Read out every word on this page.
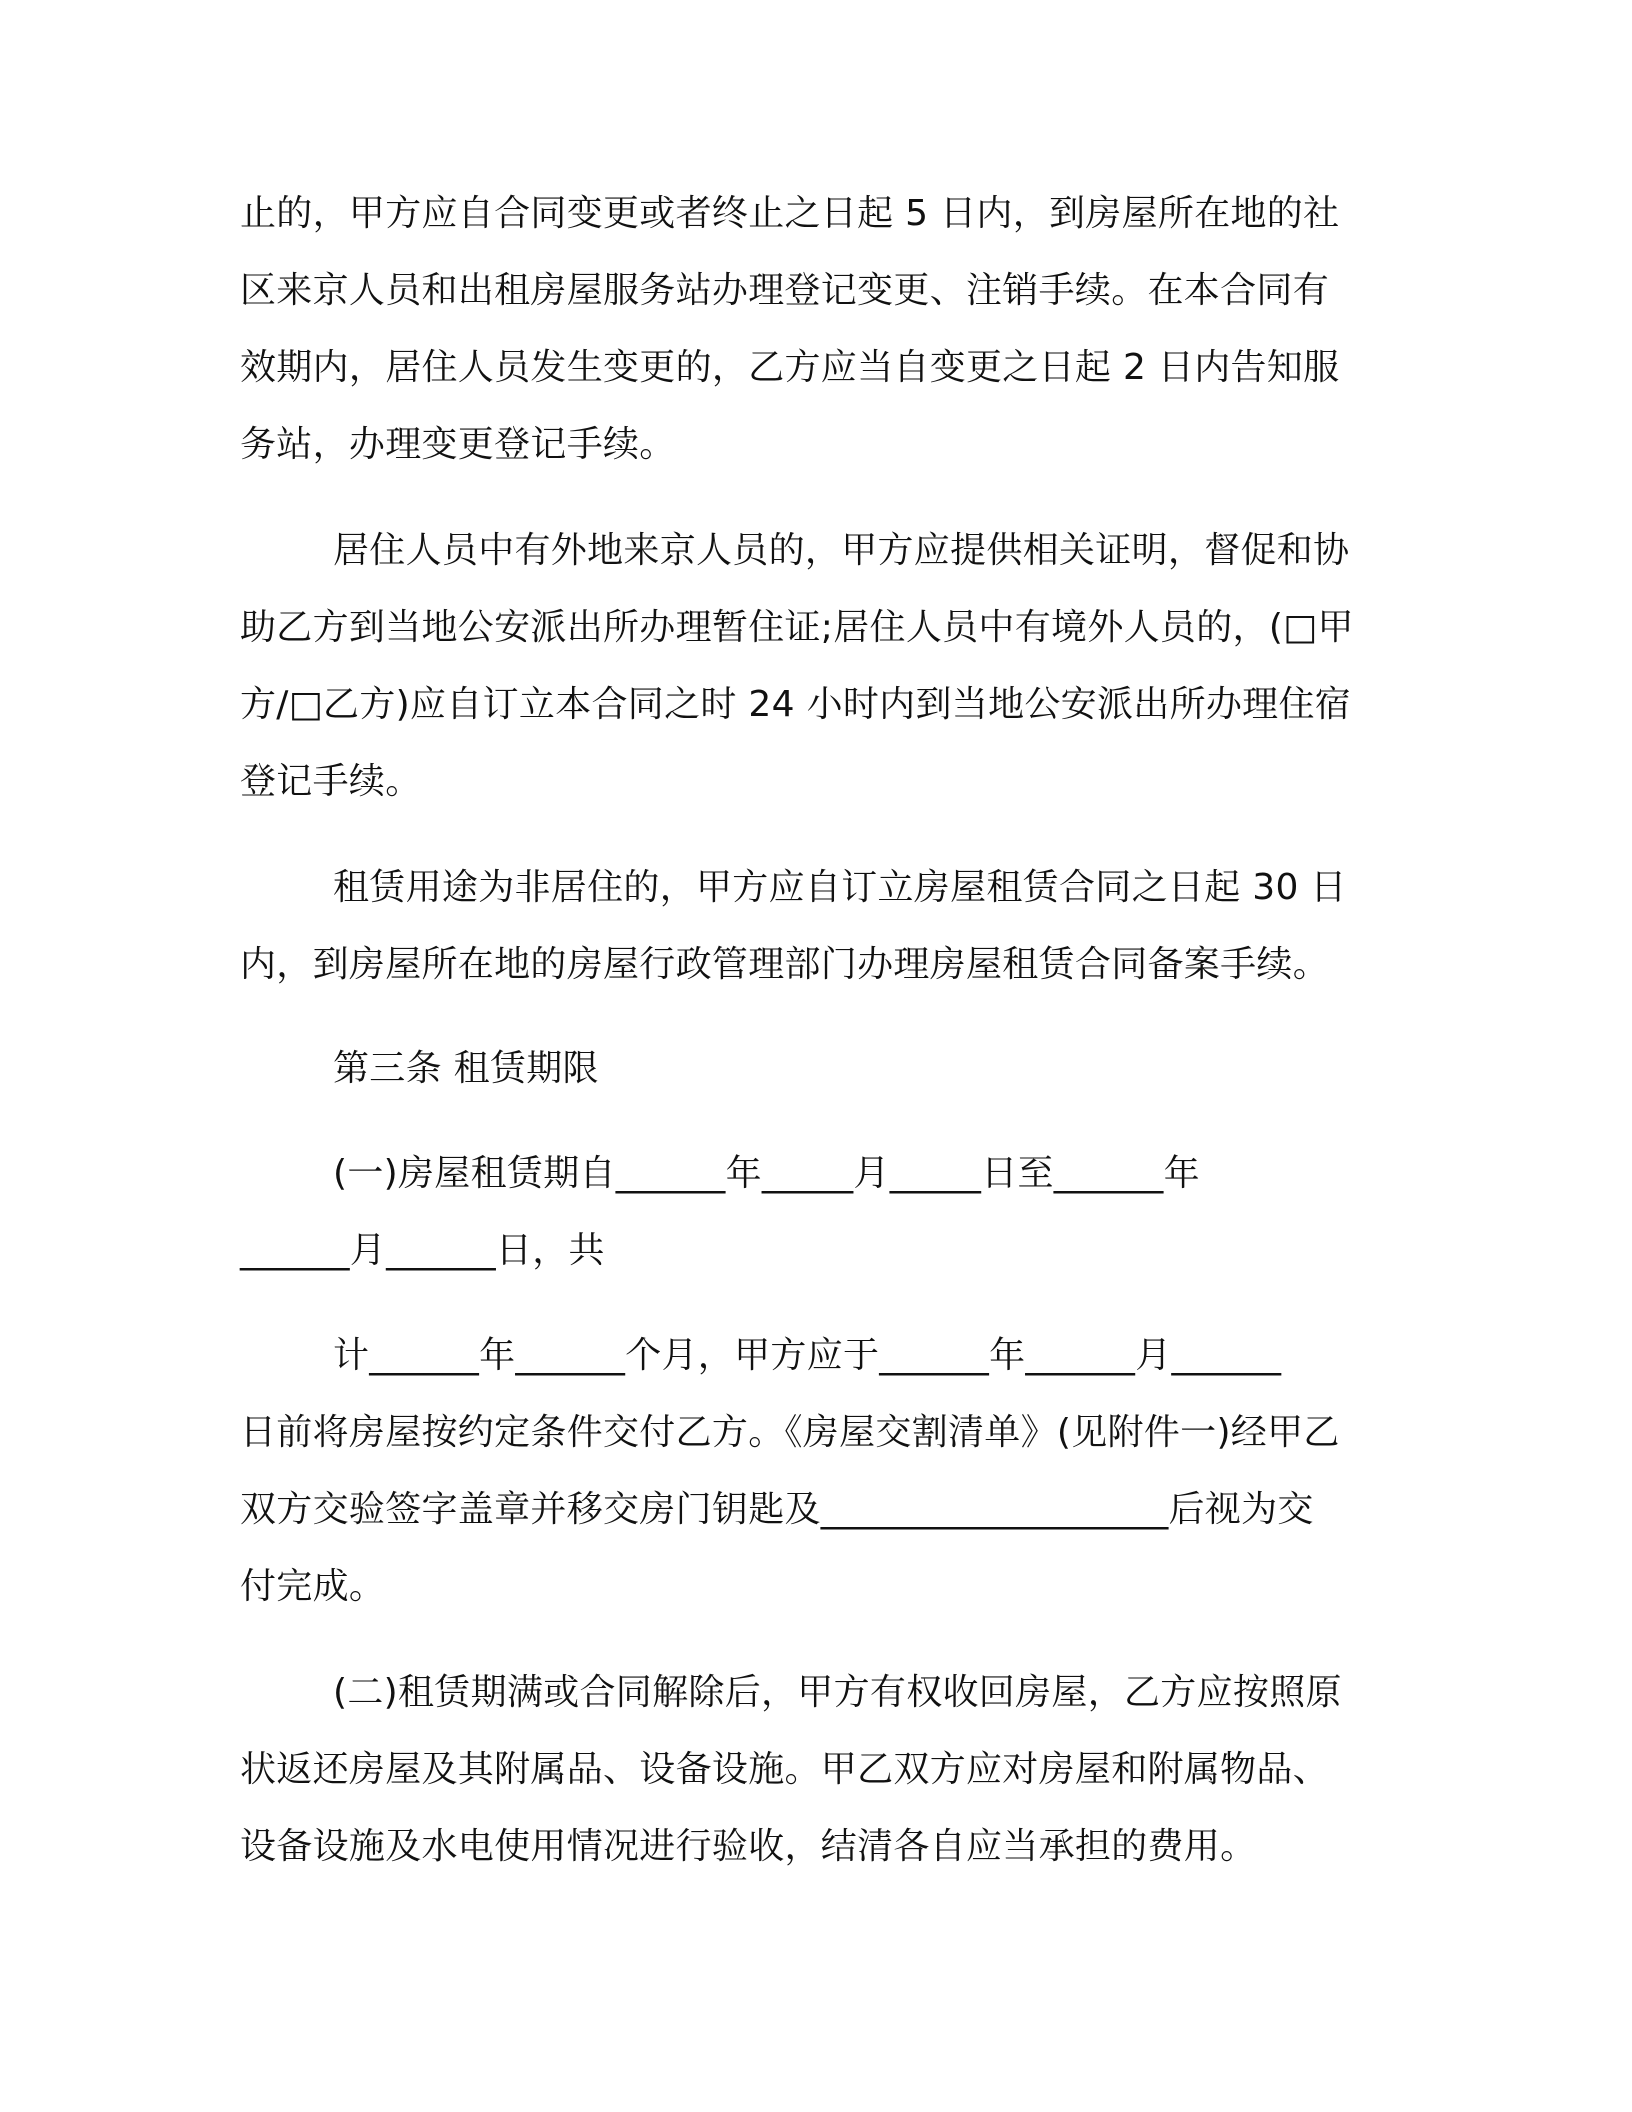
止的，甲方应自合同变更或者终止之日起 5 日内，到房屋所在地的社
区来京人员和出租房屋服务站办理登记变更、注销手续。在本合同有
效期内，居住人员发生变更的，乙方应当自变更之日起 2 日内告知服
务站，办理变更登记手续。
居住人员中有外地来京人员的，甲方应提供相关证明，督促和协
助乙方到当地公安派出所办理暂住证;居住人员中有境外人员的，(□甲
方/□乙方)应自订立本合同之时 24 小时内到当地公安派出所办理住宿
登记手续。
租赁用途为非居住的，甲方应自订立房屋租赁合同之日起 30 日
内，到房屋所在地的房屋行政管理部门办理房屋租赁合同备案手续。
第三条 租赁期限
(一)房屋租赁期自______年_____月_____日至______年
______月______日，共
计______年______个月，甲方应于______年______月______
日前将房屋按约定条件交付乙方。《房屋交割清单》(见附件一)经甲乙
双方交验签字盖章并移交房门钥匙及___________________后视为交
付完成。
(二)租赁期满或合同解除后，甲方有权收回房屋，乙方应按照原
状返还房屋及其附属品、设备设施。甲乙双方应对房屋和附属物品、
设备设施及水电使用情况进行验收，结清各自应当承担的费用。
